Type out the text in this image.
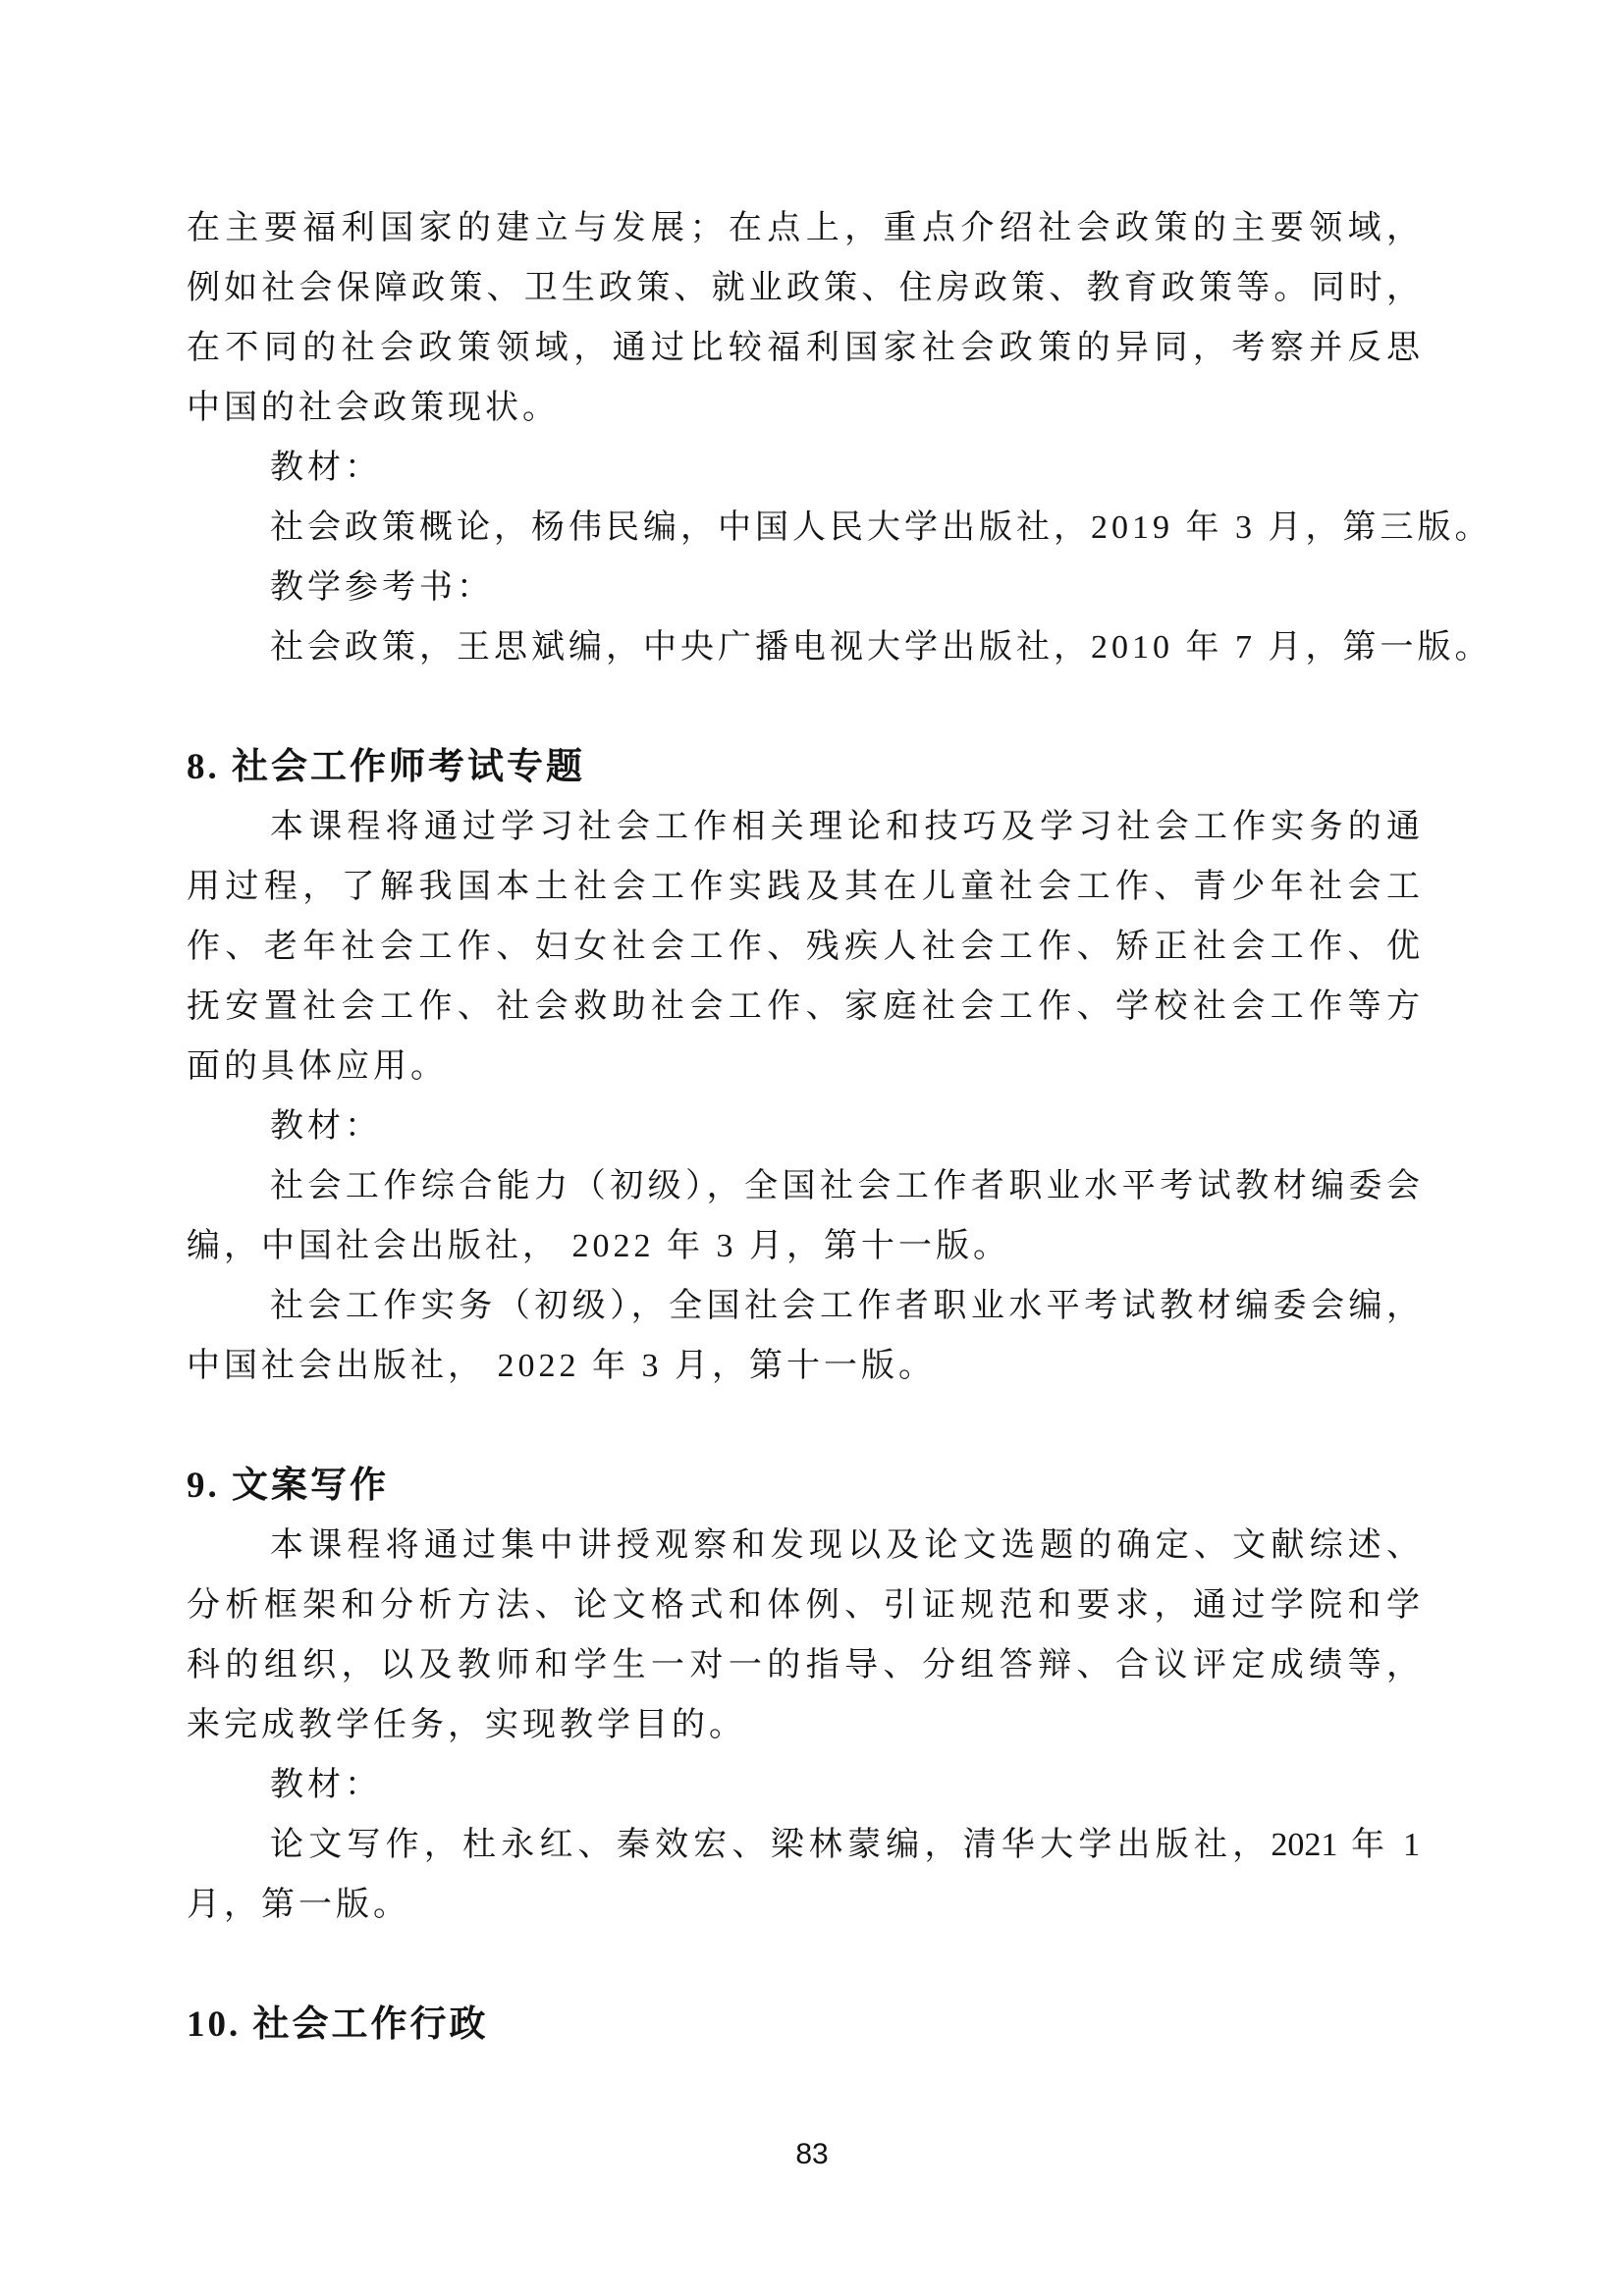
在主要福利国家的建立与发展；在点上，重点介绍社会政策的主要领域，
例如社会保障政策、卫生政策、就业政策、住房政策、教育政策等。同时，
在不同的社会政策领域，通过比较福利国家社会政策的异同，考察并反思
中国的社会政策现状。
教材：
社会政策概论，杨伟民编，中国人民大学出版社，2019 年 3 月，第三版。
教学参考书：
社会政策，王思斌编，中央广播电视大学出版社，2010 年 7 月，第一版。
8. 社会工作师考试专题
本课程将通过学习社会工作相关理论和技巧及学习社会工作实务的通
用过程，了解我国本土社会工作实践及其在儿童社会工作、青少年社会工
作、老年社会工作、妇女社会工作、残疾人社会工作、矫正社会工作、优
抚安置社会工作、社会救助社会工作、家庭社会工作、学校社会工作等方
面的具体应用。
教材：
社会工作综合能力（初级），全国社会工作者职业水平考试教材编委会
编，中国社会出版社， 2022 年 3 月，第十一版。
社会工作实务（初级），全国社会工作者职业水平考试教材编委会编，
中国社会出版社， 2022 年 3 月，第十一版。
9. 文案写作
本课程将通过集中讲授观察和发现以及论文选题的确定、文献综述、
分析框架和分析方法、论文格式和体例、引证规范和要求，通过学院和学
科的组织，以及教师和学生一对一的指导、分组答辩、合议评定成绩等，
来完成教学任务，实现教学目的。
教材：
论文写作，杜永红、秦效宏、梁林蒙编，清华大学出版社，2021 年 1
月，第一版。
10. 社会工作行政
83
